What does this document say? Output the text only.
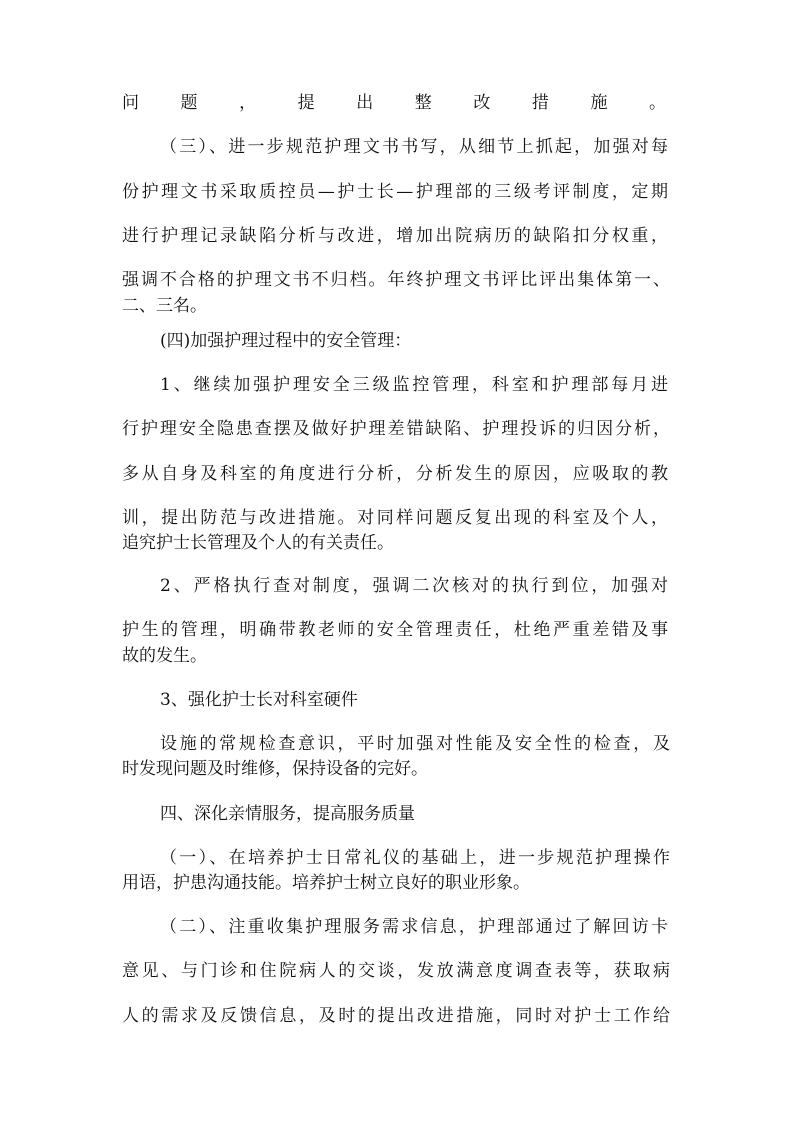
问题，提出整改措施。

（三）、进一步规范护理文书书写，从细节上抓起，加强对每

份护理文书采取质控员—护士长—护理部的三级考评制度，定期

进行护理记录缺陷分析与改进，增加出院病历的缺陷扣分权重，

强调不合格的护理文书不归档。年终护理文书评比评出集体第一、

二、三名。

(四)加强护理过程中的安全管理：

1、继续加强护理安全三级监控管理，科室和护理部每月进

行护理安全隐患查摆及做好护理差错缺陷、护理投诉的归因分析，

多从自身及科室的角度进行分析，分析发生的原因，应吸取的教

训，提出防范与改进措施。对同样问题反复出现的科室及个人，

追究护士长管理及个人的有关责任。

2、严格执行查对制度，强调二次核对的执行到位，加强对

护生的管理，明确带教老师的安全管理责任，杜绝严重差错及事

故的发生。

3、强化护士长对科室硬件

设施的常规检查意识，平时加强对性能及安全性的检查，及

时发现问题及时维修，保持设备的完好。

四、深化亲情服务，提高服务质量

（一）、在培养护士日常礼仪的基础上，进一步规范护理操作

用语，护患沟通技能。培养护士树立良好的职业形象。

（二）、注重收集护理服务需求信息，护理部通过了解回访卡

意见、与门诊和住院病人的交谈，发放满意度调查表等，获取病

人的需求及反馈信息，及时的提出改进措施，同时对护士工作给
